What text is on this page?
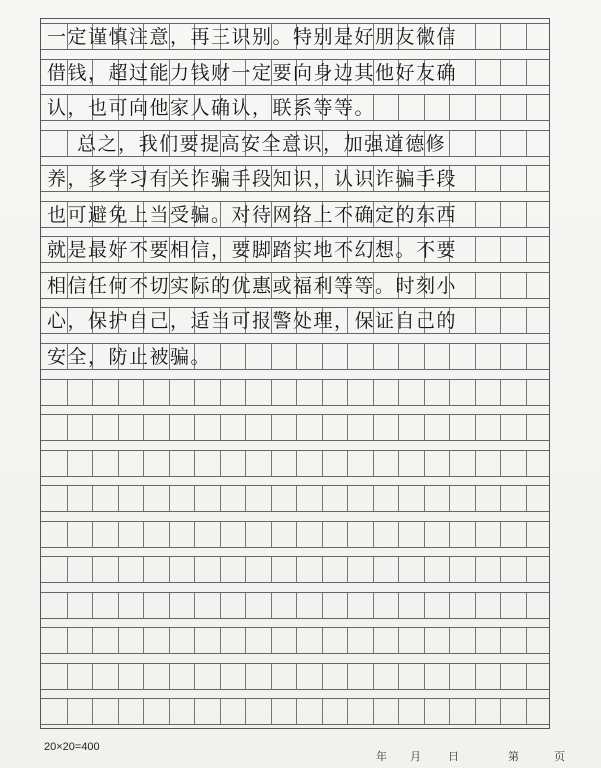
一定谨慎注意，再三识别。特别是好朋友微信
借钱，超过能力钱财一定要向身边其他好友确
认，也可向他家人确认，联系等等。
总之，我们要提高安全意识，加强道德修
养，多学习有关诈骗手段知识，认识诈骗手段
也可避免上当受骗。对待网络上不确定的东西
就是最好不要相信，要脚踏实地不幻想。不要
相信任何不切实际的优惠或福利等等。时刻小
心，保护自己，适当可报警处理，保证自己的
安全，防止被骗。
20×20=400
年 月 日	第	页
